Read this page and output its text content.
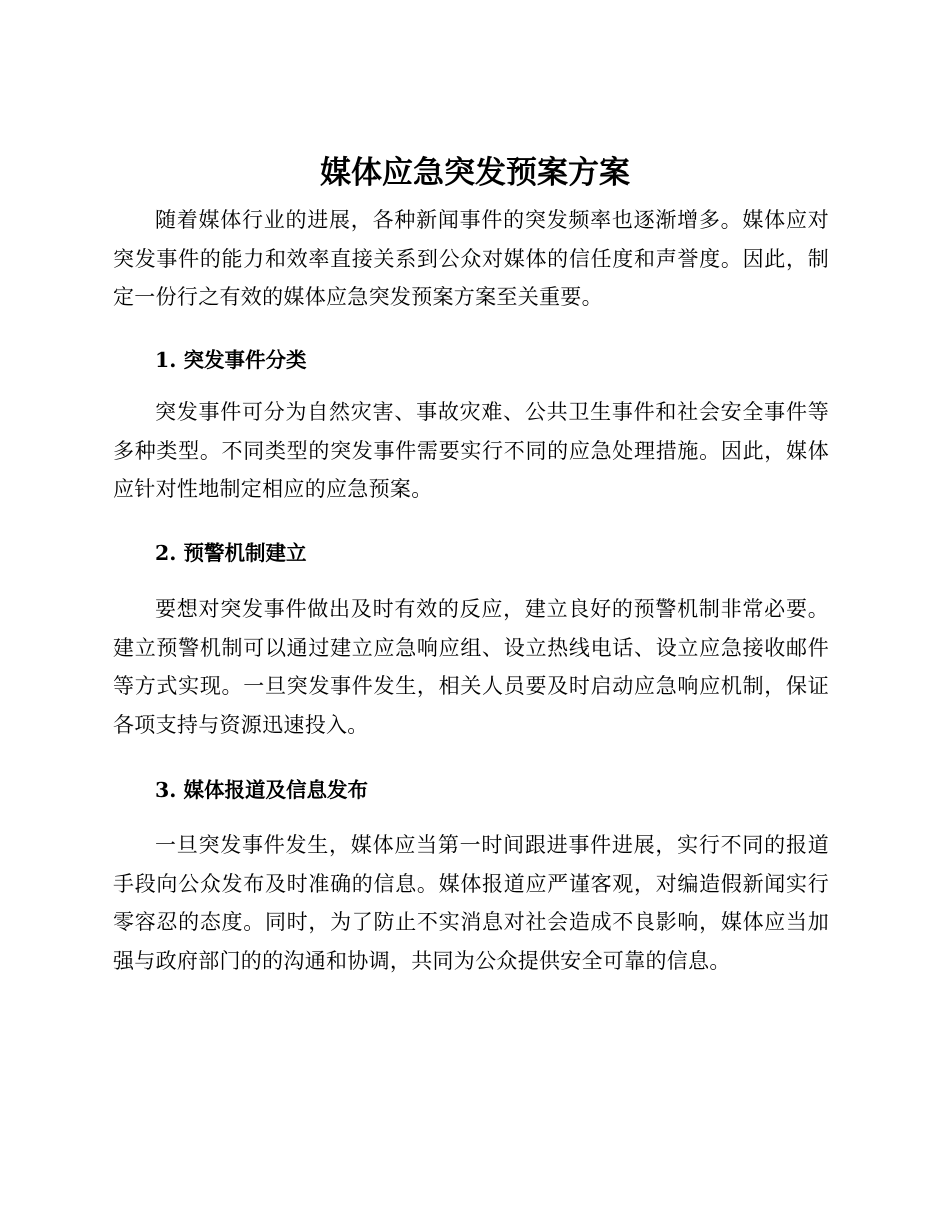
媒体应急突发预案方案

随着媒体行业的进展，各种新闻事件的突发频率也逐渐增多。媒体应对突发事件的能力和效率直接关系到公众对媒体的信任度和声誉度。因此，制定一份行之有效的媒体应急突发预案方案至关重要。

1. 突发事件分类

突发事件可分为自然灾害、事故灾难、公共卫生事件和社会安全事件等多种类型。不同类型的突发事件需要实行不同的应急处理措施。因此，媒体应针对性地制定相应的应急预案。

2. 预警机制建立

要想对突发事件做出及时有效的反应，建立良好的预警机制非常必要。建立预警机制可以通过建立应急响应组、设立热线电话、设立应急接收邮件等方式实现。一旦突发事件发生，相关人员要及时启动应急响应机制，保证各项支持与资源迅速投入。

3. 媒体报道及信息发布

一旦突发事件发生，媒体应当第一时间跟进事件进展，实行不同的报道手段向公众发布及时准确的信息。媒体报道应严谨客观，对编造假新闻实行零容忍的态度。同时，为了防止不实消息对社会造成不良影响，媒体应当加强与政府部门的的沟通和协调，共同为公众提供安全可靠的信息。
